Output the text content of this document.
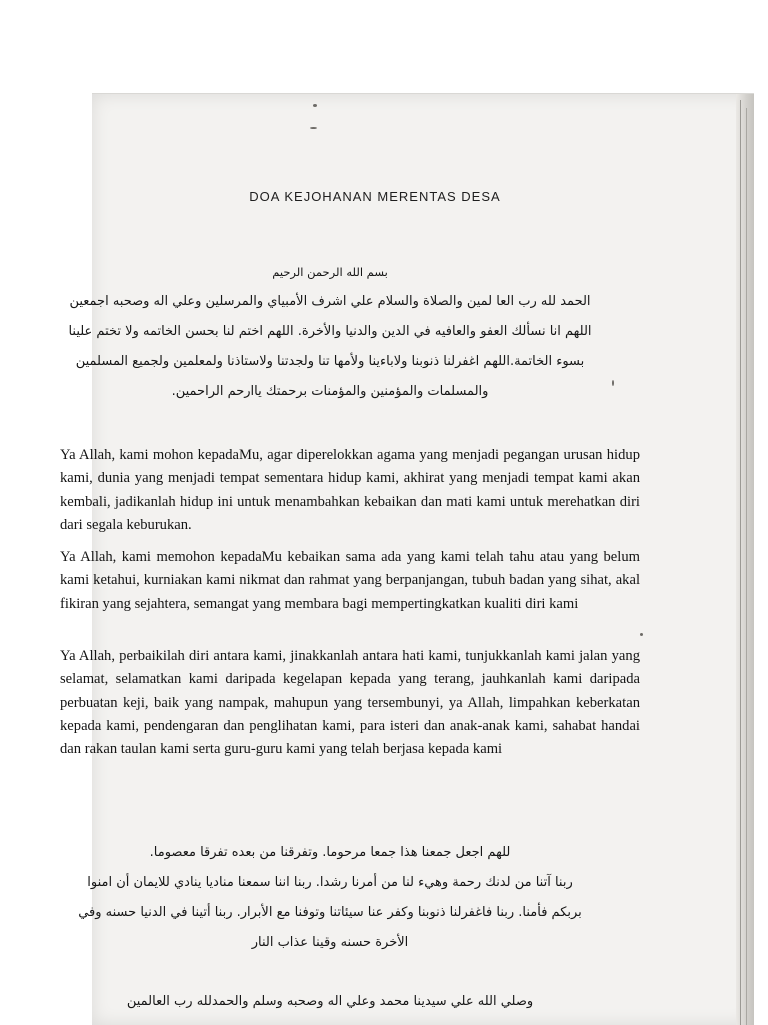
DOA KEJOHANAN MERENTAS DESA

بسم الله الرحمن الرحيم

الحمد لله رب العا لمين والصلاة والسلام علي اشرف الأمبياي والمرسلين وعلي اله وصحبه اجمعين

اللهم انا نسألك العفو والعافيه في الدين والدنيا والأخرة. اللهم اختم لنا بحسن الخاتمه ولا تختم علينا

بسوء الخاتمة.اللهم اغفرلنا ذنوبنا ولاباءينا ولأمها تنا ولجدتنا ولاستاذنا ولمعلمين ولجميع المسلمين

والمسلمات والمؤمنين والمؤمنات برحمتك ياارحم الراحمين.

Ya Allah, kami mohon kepadaMu, agar diperelokkan agama yang menjadi pegangan urusan hidup kami, dunia yang menjadi tempat sementara hidup kami, akhirat yang menjadi tempat kami akan kembali, jadikanlah hidup ini untuk menambahkan kebaikan dan mati kami untuk merehatkan diri dari segala keburukan.

Ya Allah, kami memohon kepadaMu kebaikan sama ada yang kami telah tahu atau yang belum kami ketahui, kurniakan kami nikmat dan rahmat yang berpanjangan, tubuh badan yang sihat, akal fikiran yang sejahtera, semangat yang membara bagi mempertingkatkan kualiti diri kami

Ya Allah, perbaikilah diri antara kami, jinakkanlah antara hati kami, tunjukkanlah kami jalan yang selamat, selamatkan kami daripada kegelapan kepada yang terang, jauhkanlah kami daripada perbuatan keji, baik yang nampak, mahupun yang tersembunyi, ya Allah, limpahkan keberkatan kepada kami, pendengaran dan penglihatan kami, para isteri dan anak-anak kami, sahabat handai dan rakan taulan kami serta guru-guru kami yang telah berjasa kepada kami

للهم اجعل جمعنا هذا جمعا مرحوما. وتفرقنا من بعده تفرقا معصوما.

ربنا آتنا من لدنك رحمة وهيء لنا من أمرنا رشدا. ربنا اننا سمعنا مناديا ينادي للايمان أن امنوا

بربكم فأمنا. ربنا فاغفرلنا ذنوبنا وكفر عنا سيئاتنا وتوفنا مع الأبرار. ربنا أتينا في الدنيا حسنه وفي

الأخرة حسنه وقينا عذاب النار

وصلي الله علي سيدينا محمد وعلي اله وصحبه وسلم والحمدلله رب العالمين
